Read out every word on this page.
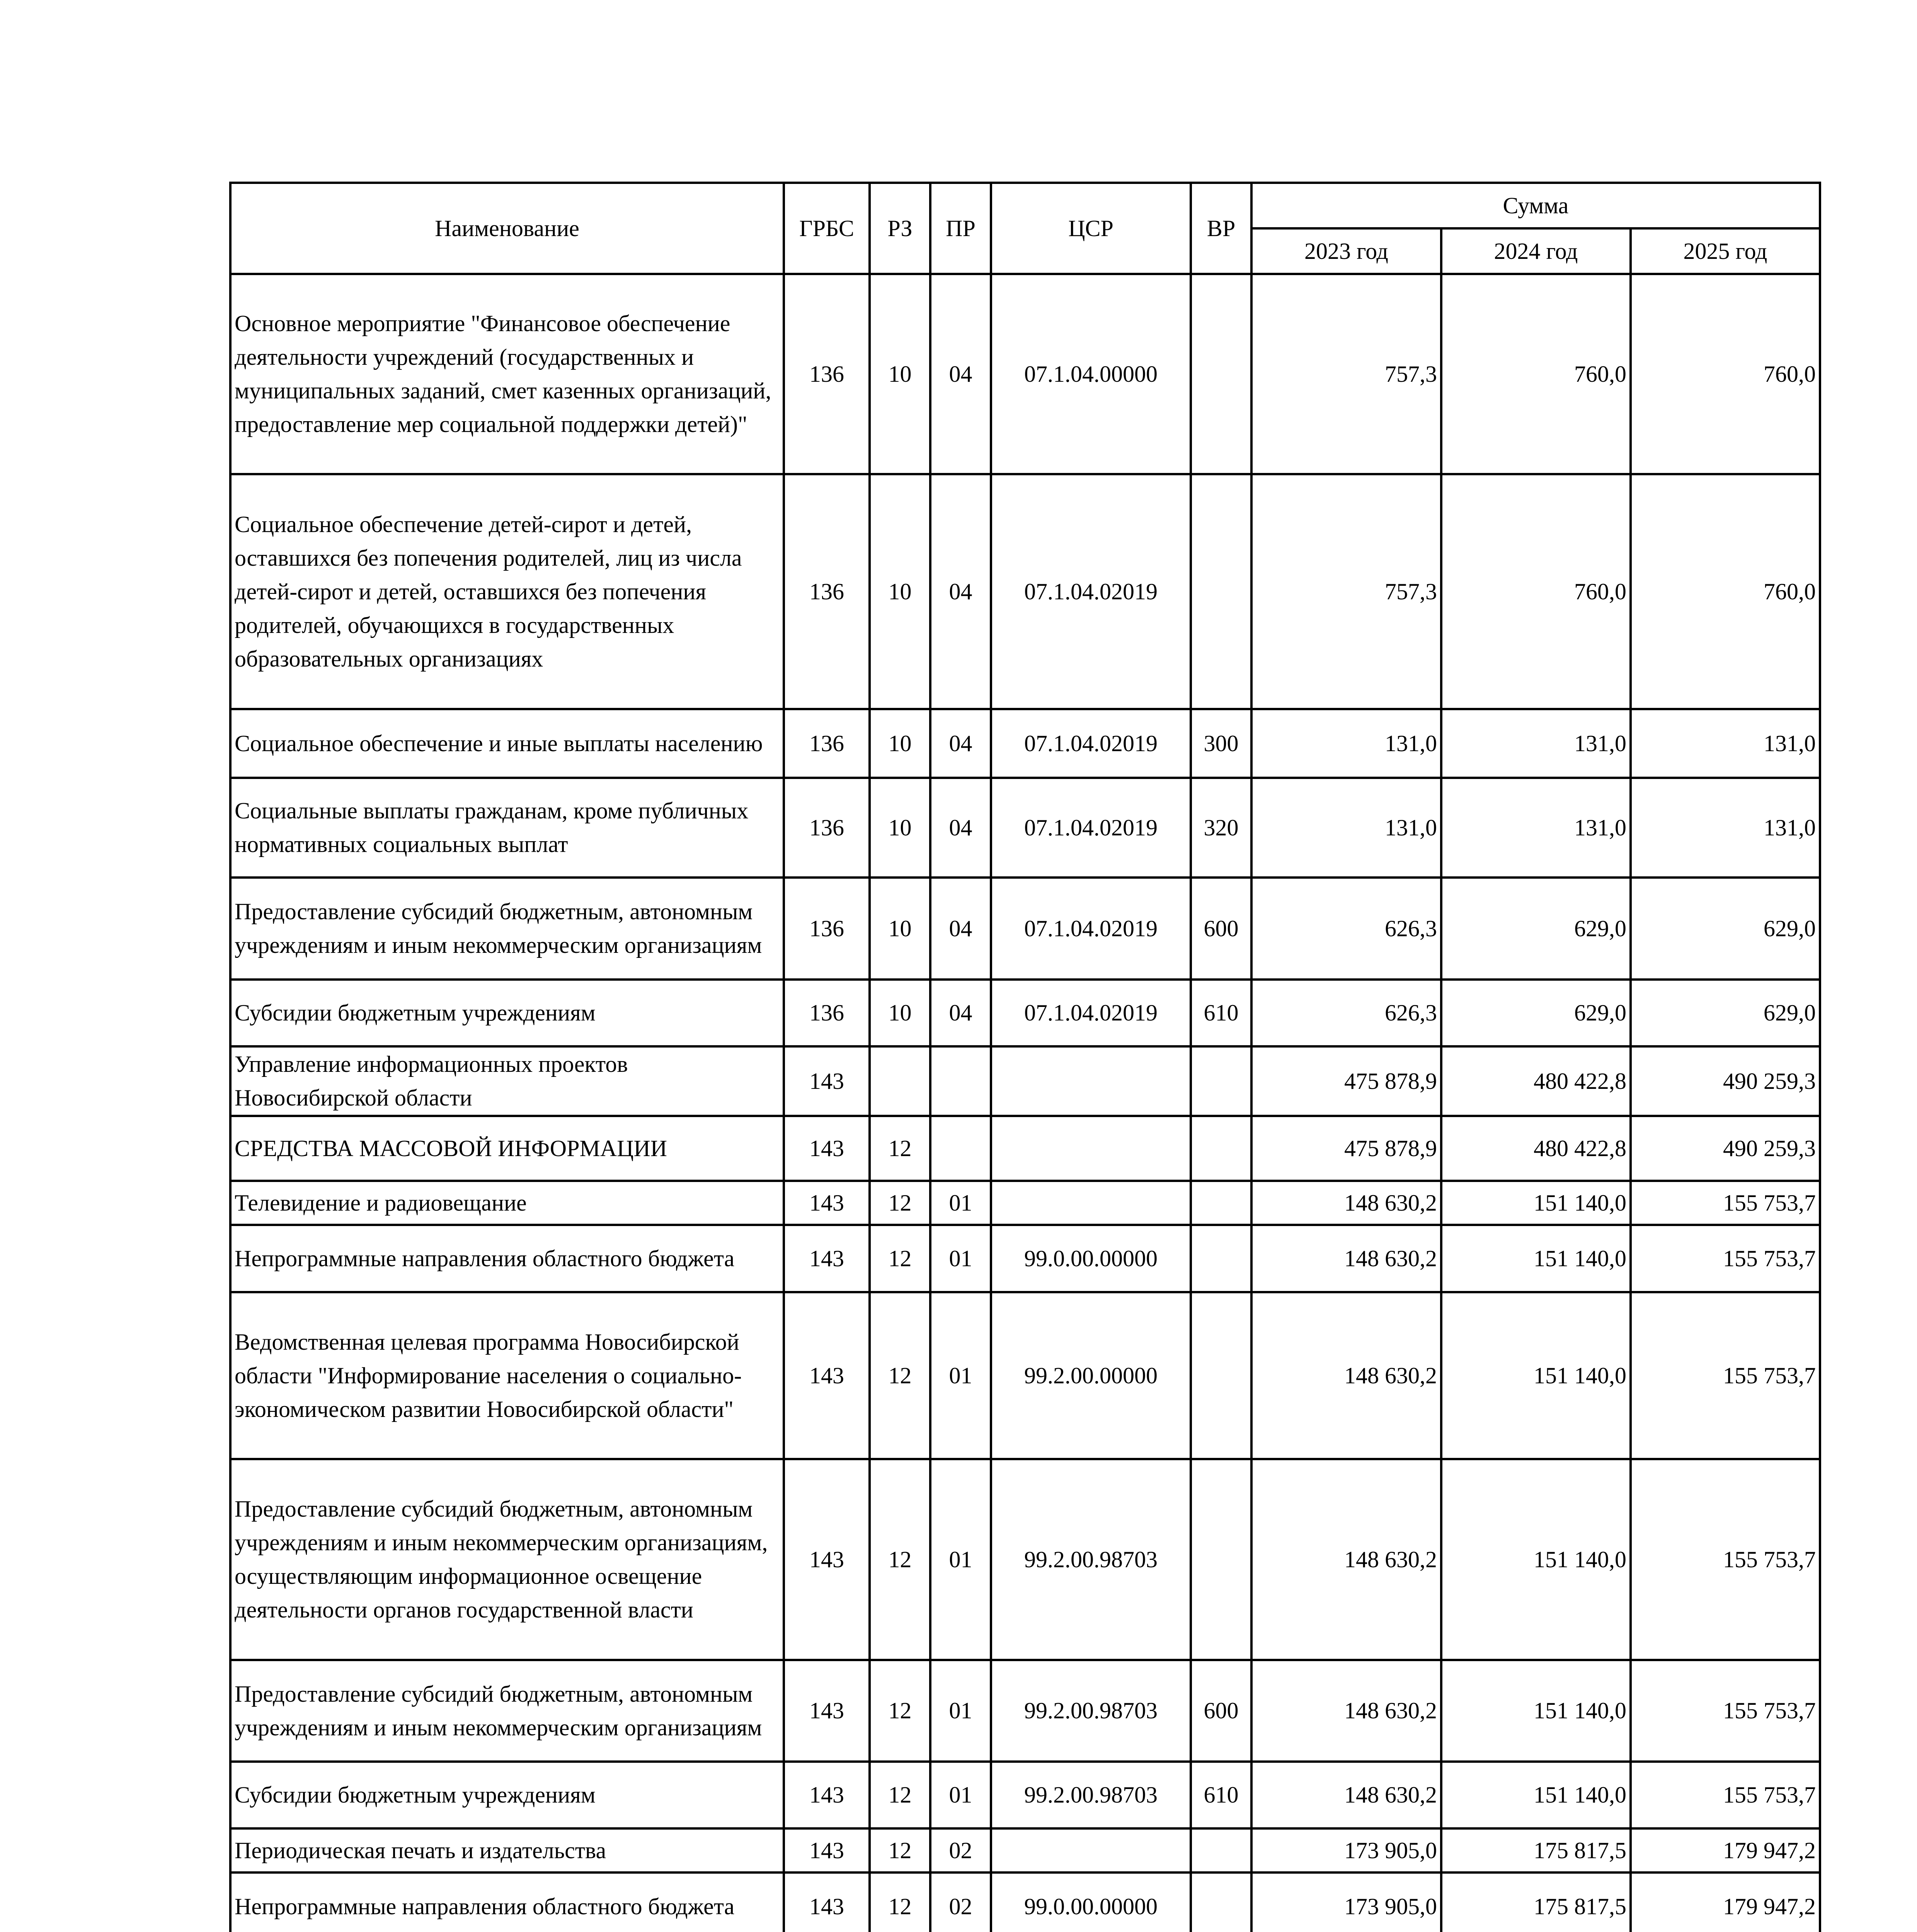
Наименование	ГРБС	РЗ	ПР	ЦСР	ВР	Сумма		
						2023 год	2024 год	2025 год
Основное мероприятие "Финансовое обеспечение деятельности учреждений (государственных и муниципальных заданий, смет казенных организаций, предоставление мер социальной поддержки детей)"	136	10	04	07.1.04.00000		757,3	760,0	760,0
Социальное обеспечение детей-сирот и детей, оставшихся без попечения родителей, лиц из числа детей-сирот и детей, оставшихся без попечения родителей, обучающихся в государственных образовательных организациях	136	10	04	07.1.04.02019		757,3	760,0	760,0
Социальное обеспечение и иные выплаты населению	136	10	04	07.1.04.02019	300	131,0	131,0	131,0
Социальные выплаты гражданам, кроме публичных нормативных социальных выплат	136	10	04	07.1.04.02019	320	131,0	131,0	131,0
Предоставление субсидий бюджетным, автономным учреждениям и иным некоммерческим организациям	136	10	04	07.1.04.02019	600	626,3	629,0	629,0
Субсидии бюджетным учреждениям	136	10	04	07.1.04.02019	610	626,3	629,0	629,0
Управление информационных проектов Новосибирской области	143					475 878,9	480 422,8	490 259,3
СРЕДСТВА МАССОВОЙ ИНФОРМАЦИИ	143	12				475 878,9	480 422,8	490 259,3
Телевидение и радиовещание	143	12	01			148 630,2	151 140,0	155 753,7
Непрограммные направления областного бюджета	143	12	01	99.0.00.00000		148 630,2	151 140,0	155 753,7
Ведомственная целевая программа Новосибирской области "Информирование населения о социально-экономическом развитии Новосибирской области"	143	12	01	99.2.00.00000		148 630,2	151 140,0	155 753,7
Предоставление субсидий бюджетным, автономным учреждениям и иным некоммерческим организациям, осуществляющим информационное освещение деятельности органов государственной власти	143	12	01	99.2.00.98703		148 630,2	151 140,0	155 753,7
Предоставление субсидий бюджетным, автономным учреждениям и иным некоммерческим организациям	143	12	01	99.2.00.98703	600	148 630,2	151 140,0	155 753,7
Субсидии бюджетным учреждениям	143	12	01	99.2.00.98703	610	148 630,2	151 140,0	155 753,7
Периодическая печать и издательства	143	12	02			173 905,0	175 817,5	179 947,2
Непрограммные направления областного бюджета	143	12	02	99.0.00.00000		173 905,0	175 817,5	179 947,2
